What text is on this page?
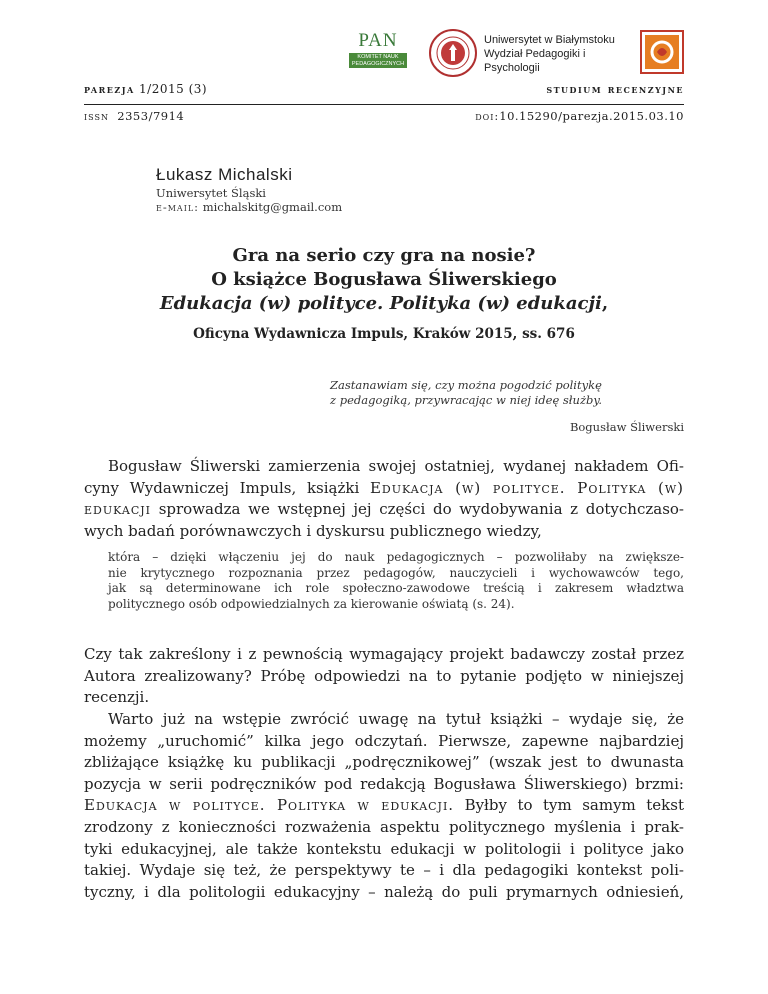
PAN
KOMITET NAUK PEDAGOGICZNYCH
Uniwersytet w Białymstoku
Wydział Pedagogiki i Psychologii
parezja 1/2015 (3)	studium recenzyjne
issn 2353/7914	doi:10.15290/parezja.2015.03.10
Łukasz Michalski
Uniwersytet Śląski
e-mail: michalskitg@gmail.com
Gra na serio czy gra na nosie?
O książce Bogusława Śliwerskiego
Edukacja (w) polityce. Polityka (w) edukacji,
Oficyna Wydawnicza Impuls, Kraków 2015, ss. 676
Zastanawiam się, czy można pogodzić politykę
z pedagogiką, przywracając w niej ideę służby.
Bogusław Śliwerski
Bogusław Śliwerski zamierzenia swojej ostatniej, wydanej nakładem Ofi-
cyny Wydawniczej Impuls, książki Edukacja (w) polityce. Polityka (w)
edukacji sprowadza we wstępnej jej części do wydobywania z dotychczaso-
wych badań porównawczych i dyskursu publicznego wiedzy,
która – dzięki włączeniu jej do nauk pedagogicznych – pozwoliłaby na zwiększe-
nie krytycznego rozpoznania przez pedagogów, nauczycieli i wychowawców tego,
jak są determinowane ich role społeczno-zawodowe treścią i zakresem władztwa
politycznego osób odpowiedzialnych za kierowanie oświatą (s. 24).
Czy tak zakreślony i z pewnością wymagający projekt badawczy został przez
Autora zrealizowany? Próbę odpowiedzi na to pytanie podjęto w niniejszej
recenzji.
Warto już na wstępie zwrócić uwagę na tytuł książki – wydaje się, że
możemy „uruchomić” kilka jego odczytań. Pierwsze, zapewne najbardziej
zbliżające książkę ku publikacji „podręcznikowej” (wszak jest to dwunasta
pozycja w serii podręczników pod redakcją Bogusława Śliwerskiego) brzmi:
Edukacja w polityce. Polityka w edukacji. Byłby to tym samym tekst
zrodzony z konieczności rozważenia aspektu politycznego myślenia i prak-
tyki edukacyjnej, ale także kontekstu edukacji w politologii i polityce jako
takiej. Wydaje się też, że perspektywy te – i dla pedagogiki kontekst poli-
tyczny, i dla politologii edukacyjny – należą do puli prymarnych odniesień,
